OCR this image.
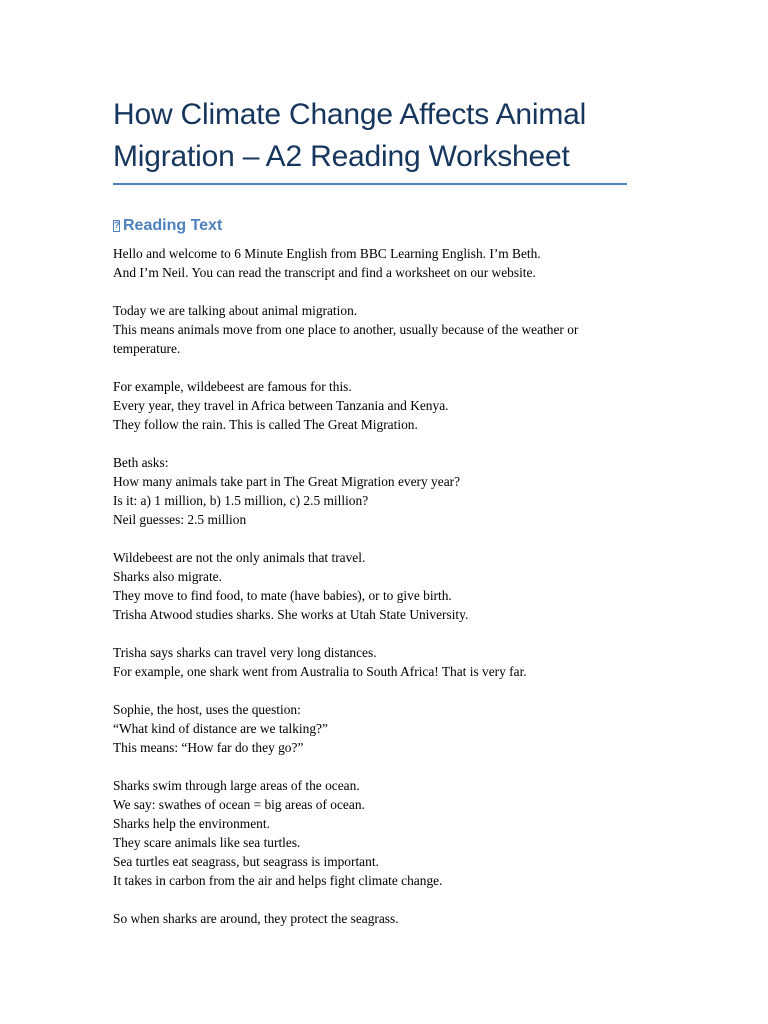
How Climate Change Affects Animal
Migration – A2 Reading Worksheet
?
Reading Text
Hello and welcome to 6 Minute English from BBC Learning English. I’m Beth.
And I’m Neil. You can read the transcript and find a worksheet on our website.
Today we are talking about animal migration.
This means animals move from one place to another, usually because of the weather or
temperature.
For example, wildebeest are famous for this.
Every year, they travel in Africa between Tanzania and Kenya.
They follow the rain. This is called The Great Migration.
Beth asks:
How many animals take part in The Great Migration every year?
Is it: a) 1 million, b) 1.5 million, c) 2.5 million?
Neil guesses: 2.5 million
Wildebeest are not the only animals that travel.
Sharks also migrate.
They move to find food, to mate (have babies), or to give birth.
Trisha Atwood studies sharks. She works at Utah State University.
Trisha says sharks can travel very long distances.
For example, one shark went from Australia to South Africa! That is very far.
Sophie, the host, uses the question:
“What kind of distance are we talking?”
This means: “How far do they go?”
Sharks swim through large areas of the ocean.
We say: swathes of ocean = big areas of ocean.
Sharks help the environment.
They scare animals like sea turtles.
Sea turtles eat seagrass, but seagrass is important.
It takes in carbon from the air and helps fight climate change.
So when sharks are around, they protect the seagrass.
